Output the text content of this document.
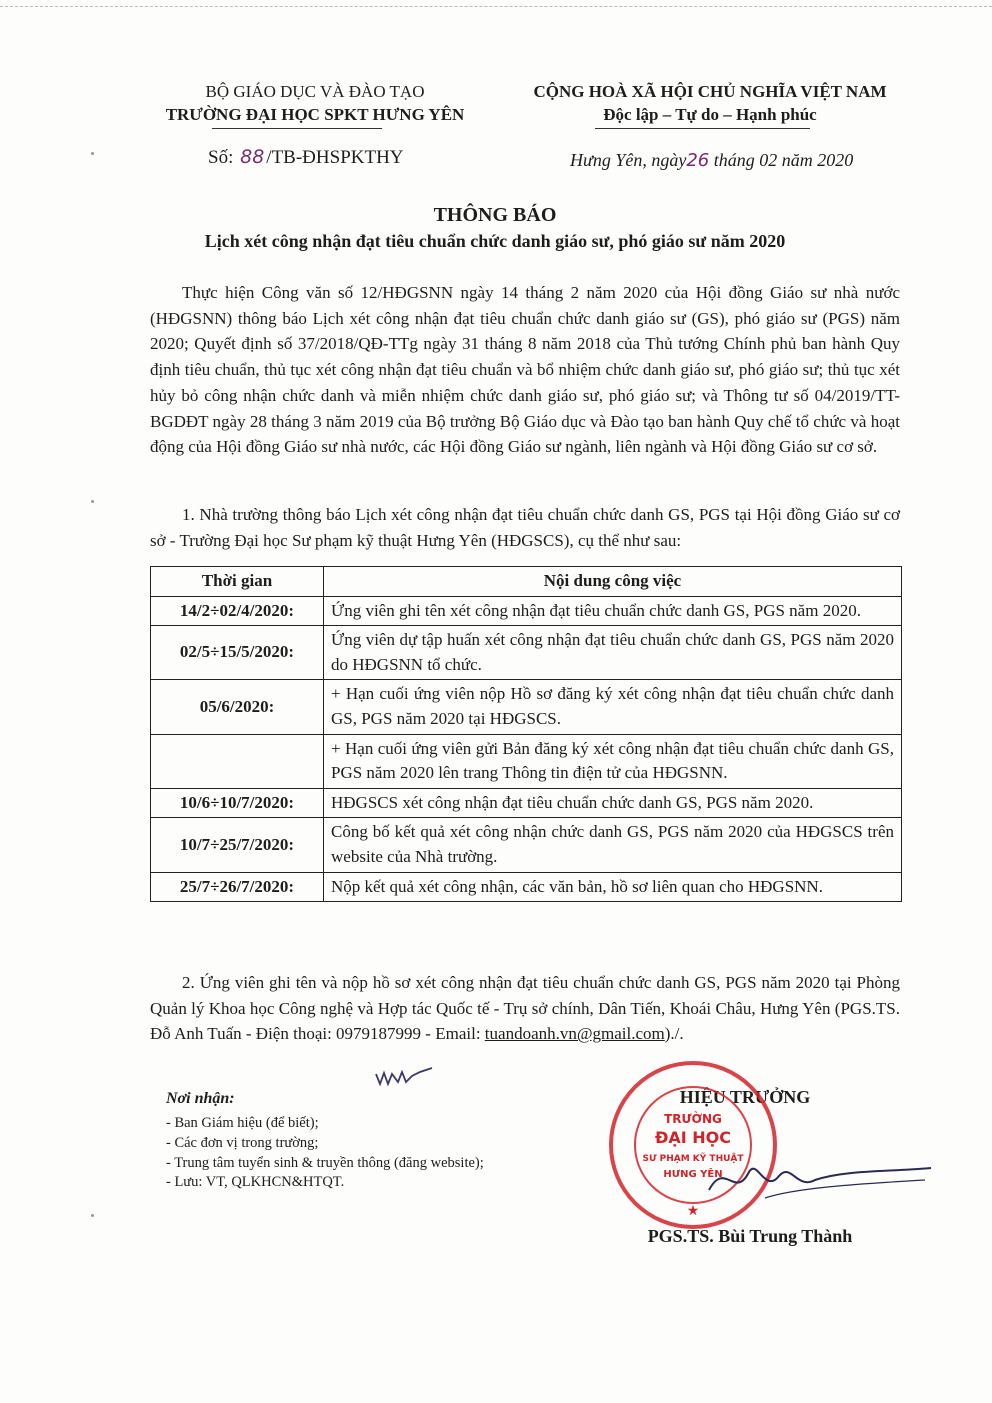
BỘ GIÁO DỤC VÀ ĐÀO TẠO
TRƯỜNG ĐẠI HỌC SPKT HƯNG YÊN
CỘNG HOÀ XÃ HỘI CHỦ NGHĨA VIỆT NAM
Độc lập – Tự do – Hạnh phúc
Số: 88 /TB-ĐHSPKTHY	Hưng Yên, ngày26 tháng 02 năm 2020
THÔNG BÁO
Lịch xét công nhận đạt tiêu chuẩn chức danh giáo sư, phó giáo sư năm 2020
Thực hiện Công văn số 12/HĐGSNN ngày 14 tháng 2 năm 2020 của Hội đồng Giáo sư nhà nước (HĐGSNN) thông báo Lịch xét công nhận đạt tiêu chuẩn chức danh giáo sư (GS), phó giáo sư (PGS) năm 2020; Quyết định số 37/2018/QĐ-TTg ngày 31 tháng 8 năm 2018 của Thủ tướng Chính phủ ban hành Quy định tiêu chuẩn, thủ tục xét công nhận đạt tiêu chuẩn và bổ nhiệm chức danh giáo sư, phó giáo sư; thủ tục xét hủy bỏ công nhận chức danh và miễn nhiệm chức danh giáo sư, phó giáo sư; và Thông tư số 04/2019/TT-BGDĐT ngày 28 tháng 3 năm 2019 của Bộ trưởng Bộ Giáo dục và Đào tạo ban hành Quy chế tổ chức và hoạt động của Hội đồng Giáo sư nhà nước, các Hội đồng Giáo sư ngành, liên ngành và Hội đồng Giáo sư cơ sở.
1. Nhà trường thông báo Lịch xét công nhận đạt tiêu chuẩn chức danh GS, PGS tại Hội đồng Giáo sư cơ sở - Trường Đại học Sư phạm kỹ thuật Hưng Yên (HĐGSCS), cụ thể như sau:
Thời gian	Nội dung công việc
14/2÷02/4/2020:	Ứng viên ghi tên xét công nhận đạt tiêu chuẩn chức danh GS, PGS năm 2020.
02/5÷15/5/2020:	Ứng viên dự tập huấn xét công nhận đạt tiêu chuẩn chức danh GS, PGS năm 2020 do HĐGSNN tổ chức.
05/6/2020:	+ Hạn cuối ứng viên nộp Hồ sơ đăng ký xét công nhận đạt tiêu chuẩn chức danh GS, PGS năm 2020 tại HĐGSCS.
	+ Hạn cuối ứng viên gửi Bản đăng ký xét công nhận đạt tiêu chuẩn chức danh GS, PGS năm 2020 lên trang Thông tin điện tử của HĐGSNN.
10/6÷10/7/2020:	HĐGSCS xét công nhận đạt tiêu chuẩn chức danh GS, PGS năm 2020.
10/7÷25/7/2020:	Công bố kết quả xét công nhận chức danh GS, PGS năm 2020 của HĐGSCS trên website của Nhà trường.
25/7÷26/7/2020:	Nộp kết quả xét công nhận, các văn bản, hồ sơ liên quan cho HĐGSNN.
2. Ứng viên ghi tên và nộp hồ sơ xét công nhận đạt tiêu chuẩn chức danh GS, PGS năm 2020 tại Phòng Quản lý Khoa học Công nghệ và Hợp tác Quốc tế - Trụ sở chính, Dân Tiến, Khoái Châu, Hưng Yên (PGS.TS. Đỗ Anh Tuấn - Điện thoại: 0979187999 - Email: tuandoanh.vn@gmail.com)./.
Nơi nhận:
- Ban Giám hiệu (để biết);
- Các đơn vị trong trường;
- Trung tâm tuyển sinh & truyền thông (đăng website);
- Lưu: VT, QLKHCN&HTQT.
HIỆU TRƯỞNG
TRƯỜNG
ĐẠI HỌC
SƯ PHẠM KỸ THUẬT
HƯNG YÊN
★
PGS.TS. Bùi Trung Thành
